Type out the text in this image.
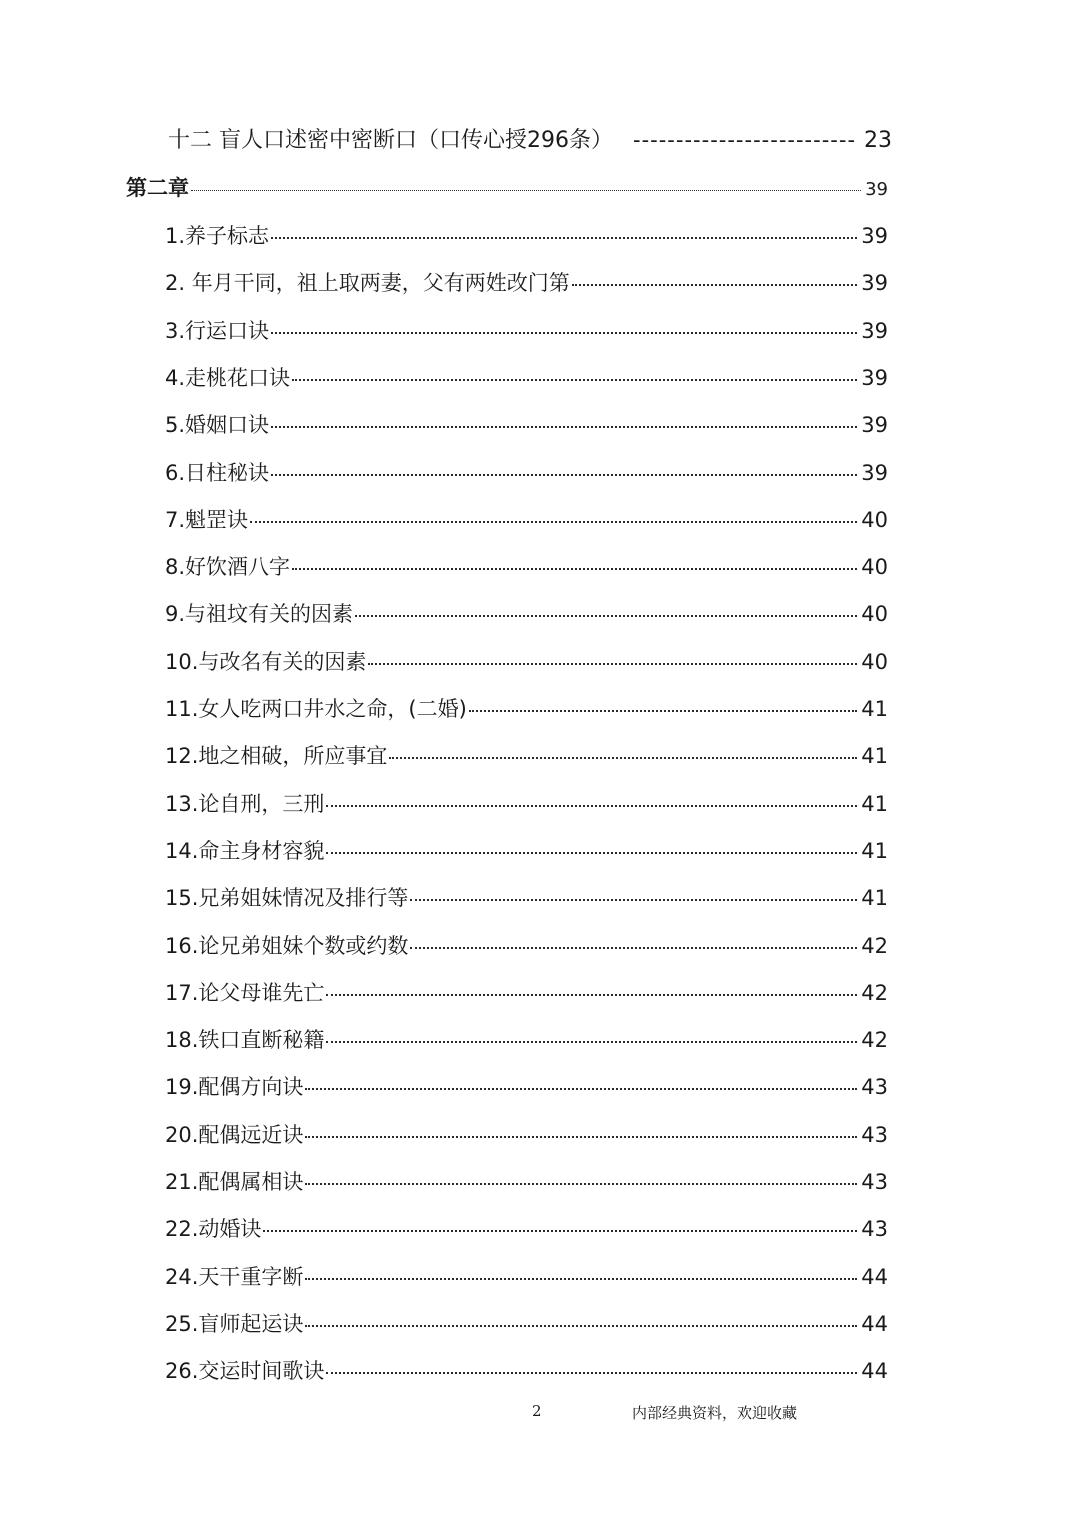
十二 盲人口述密中密断口（口传心授296条） -------------------------- 23
第二章	39
1.养子标志	39
2. 年月干同，祖上取两妻，父有两姓改门第	39
3.行运口诀	39
4.走桃花口诀	39
5.婚姻口诀	39
6.日柱秘诀	39
7.魁罡诀	40
8.好饮酒八字	40
9.与祖坟有关的因素	40
10.与改名有关的因素	40
11.女人吃两口井水之命，(二婚)	41
12.地之相破，所应事宜	41
13.论自刑，三刑	41
14.命主身材容貌	41
15.兄弟姐妹情况及排行等	41
16.论兄弟姐妹个数或约数	42
17.论父母谁先亡	42
18.铁口直断秘籍	42
19.配偶方向诀	43
20.配偶远近诀	43
21.配偶属相诀	43
22.动婚诀	43
24.天干重字断	44
25.盲师起运诀	44
26.交运时间歌诀	44
2	内部经典资料，欢迎收藏
